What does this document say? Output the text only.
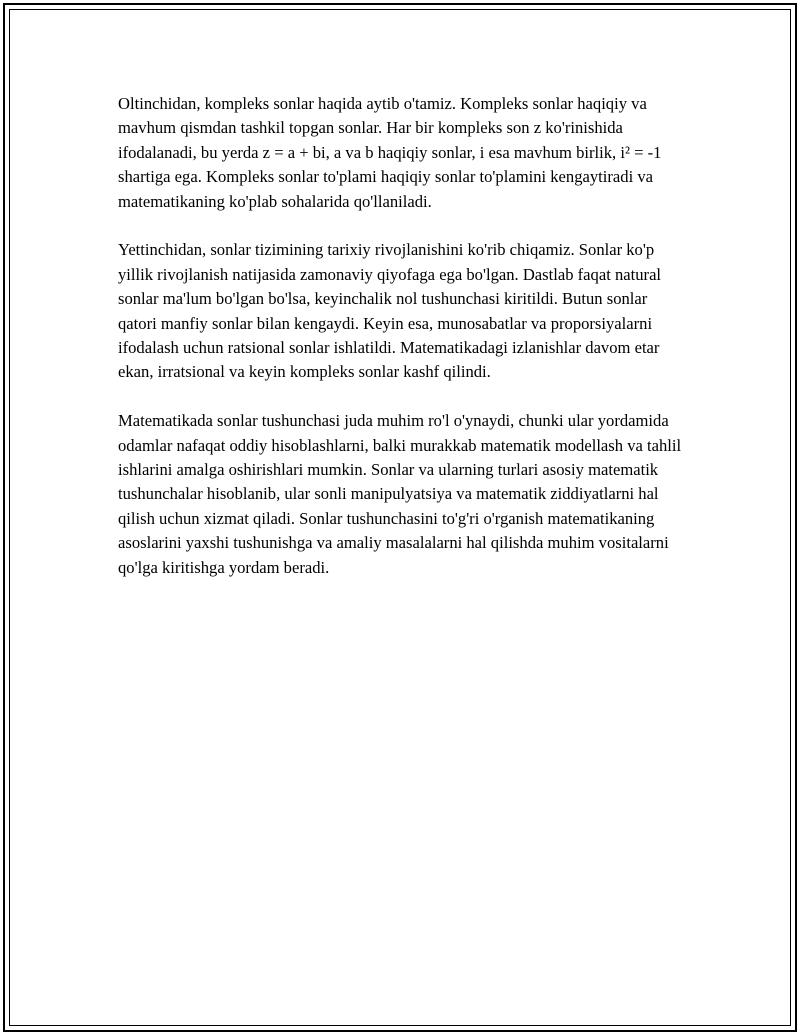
Oltinchidan, kompleks sonlar haqida aytib o'tamiz. Kompleks sonlar haqiqiy va mavhum qismdan tashkil topgan sonlar. Har bir kompleks son z ko'rinishida ifodalanadi, bu yerda z = a + bi, a va b haqiqiy sonlar, i esa mavhum birlik, i² = -1 shartiga ega. Kompleks sonlar to'plami haqiqiy sonlar to'plamini kengaytiradi va matematikaning ko'plab sohalarida qo'llaniladi.

Yettinchidan, sonlar tizimining tarixiy rivojlanishini ko'rib chiqamiz. Sonlar ko'p yillik rivojlanish natijasida zamonaviy qiyofaga ega bo'lgan. Dastlab faqat natural sonlar ma'lum bo'lgan bo'lsa, keyinchalik nol tushunchasi kiritildi. Butun sonlar qatori manfiy sonlar bilan kengaydi. Keyin esa, munosabatlar va proporsiyalarni ifodalash uchun ratsional sonlar ishlatildi. Matematikadagi izlanishlar davom etar ekan, irratsional va keyin kompleks sonlar kashf qilindi.

Matematikada sonlar tushunchasi juda muhim ro'l o'ynaydi, chunki ular yordamida odamlar nafaqat oddiy hisoblashlarni, balki murakkab matematik modellash va tahlil ishlarini amalga oshirishlari mumkin. Sonlar va ularning turlari asosiy matematik tushunchalar hisoblanib, ular sonli manipulyatsiya va matematik ziddiyatlarni hal qilish uchun xizmat qiladi. Sonlar tushunchasini to'g'ri o'rganish matematikaning asoslarini yaxshi tushunishga va amaliy masalalarni hal qilishda muhim vositalarni qo'lga kiritishga yordam beradi.
